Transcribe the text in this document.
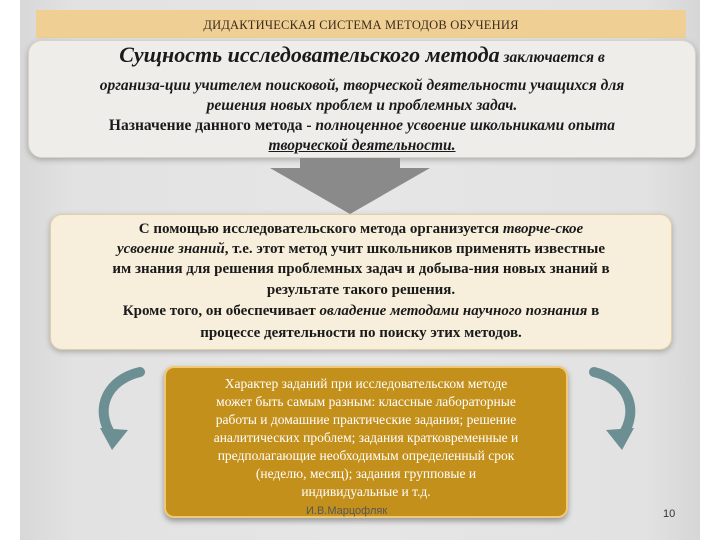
ДИДАКТИЧЕСКАЯ СИСТЕМА МЕТОДОВ ОБУЧЕНИЯ
Сущность исследовательского метода заключается в
организа-ции учителем поисковой, творческой деятельности учащихся для
решения новых проблем и проблемных задач.
Назначение данного метода - полноценное усвоение школьниками опыта
творческой деятельности.
С помощью исследовательского метода организуется творче-ское
усвоение знаний, т.е. этот метод учит школьников применять известные
им знания для решения проблемных задач и добыва-ния новых знаний в
результате такого решения.
Кроме того, он обеспечивает овладение методами научного познания в
процессе деятельности по поиску этих методов.
Характер заданий при исследовательском методе
может быть самым разным: классные лабораторные
работы и домашние практические задания; решение
аналитических проблем; задания кратковременные и
предполагающие необходимым определенный срок
(неделю, месяц); задания групповые и
индивидуальные и т.д.
И.В.Марцофляк	10
